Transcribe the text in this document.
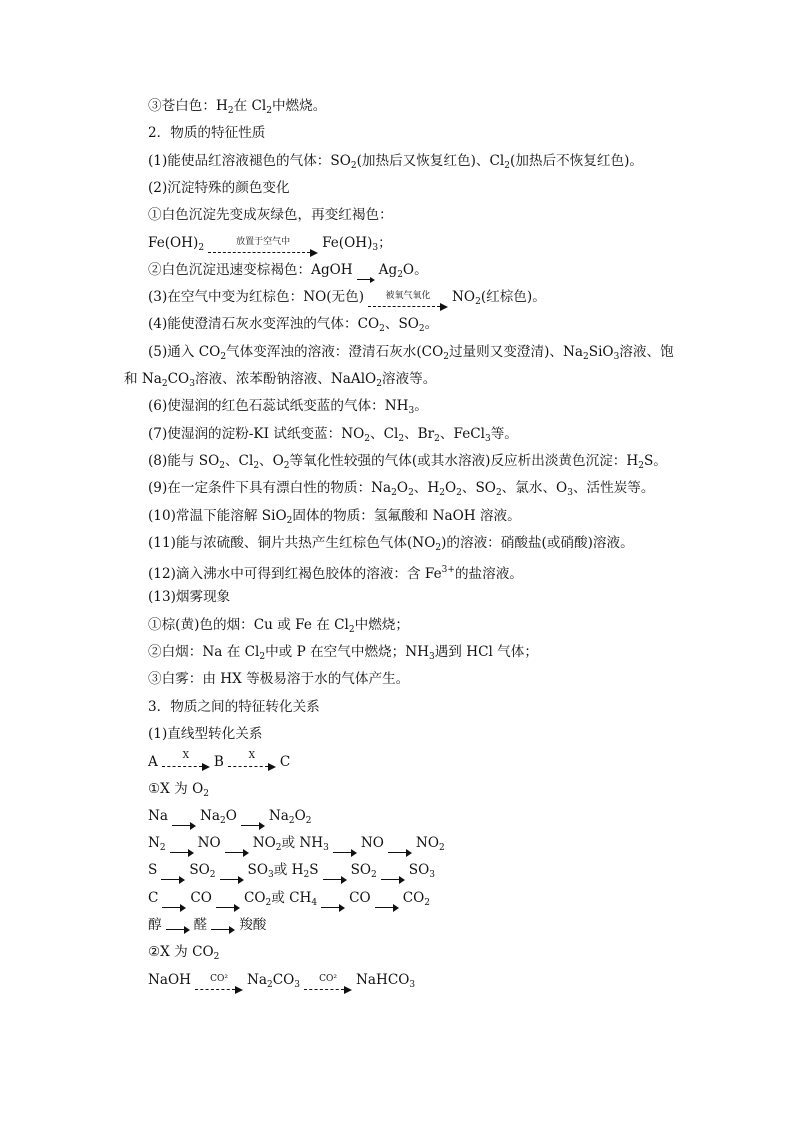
③苍白色：$H_2$在 $Cl_2$中燃烧。
2．物质的特征性质
(1)能使品红溶液褪色的气体：$SO_2$(加热后又恢复红色)、$Cl_2$(加热后不恢复红色)。
(2)沉淀特殊的颜色变化
①白色沉淀先变成灰绿色，再变红褐色：
$Fe(OH)_2$
放置于空气中 $Fe(OH)_3$；
②白色沉淀迅速变棕褐色：AgOH $Ag_2O$。
(3)在空气中变为红棕色：NO(无色) 被氧气氧化 $NO_2$(红棕色)。
(4)能使澄清石灰水变浑浊的气体：$CO_2$、$SO_2$。
(5)通入 $CO_2$气体变浑浊的溶液：澄清石灰水($CO_2$过量则又变澄清)、$Na_2SiO_3$溶液、饱
和 $Na_2CO_3$溶液、浓苯酚钠溶液、NaAlO$_2$溶液等。
(6)使湿润的红色石蕊试纸变蓝的气体：$NH_3$。
(7)使湿润的淀粉-KI 试纸变蓝：$NO_2$、$Cl_2$、$Br_2$、FeCl$_3$等。
(8)能与 $SO_2$、$Cl_2$、$O_2$等氧化性较强的气体(或其水溶液)反应析出淡黄色沉淀：$H_2S$。
(9)在一定条件下具有漂白性的物质：$Na_2O_2$、$H_2O_2$、$SO_2$、氯水、$O_3$、活性炭等。
(10)常温下能溶解 SiO$_2$固体的物质：氢氟酸和 NaOH 溶液。
(11)能与浓硫酸、铜片共热产生红棕色气体$(NO_2)$的溶液：硝酸盐(或硝酸)溶液。
(12)滴入沸水中可得到红褐色胶体的溶液：含 $Fe^{3+}$的盐溶液。
(13)烟雾现象
①棕(黄)色的烟：Cu 或 Fe 在 $Cl_2$中燃烧；
②白烟：Na 在 $Cl_2$中或 P 在空气中燃烧；$NH_3$遇到 HCl 气体；
③白雾：由 HX 等极易溶于水的气体产生。
3．物质之间的特征转化关系
(1)直线型转化关系
A	X B	X C
①X 为 $O_2$
Na $Na_2O$ $Na_2O_2$
$N_2$ NO $NO_2$或 $NH_3$ NO $NO_2$
S $SO_2$ $SO_3$或 $H_2S$ $SO_2$ $SO_3$
C CO $CO_2$或 $CH_4$ CO $CO_2$
醇 醛 羧酸
②X 为 $CO_2$
NaOH CO² $Na_2CO_3$
CO² NaHCO$_3$
